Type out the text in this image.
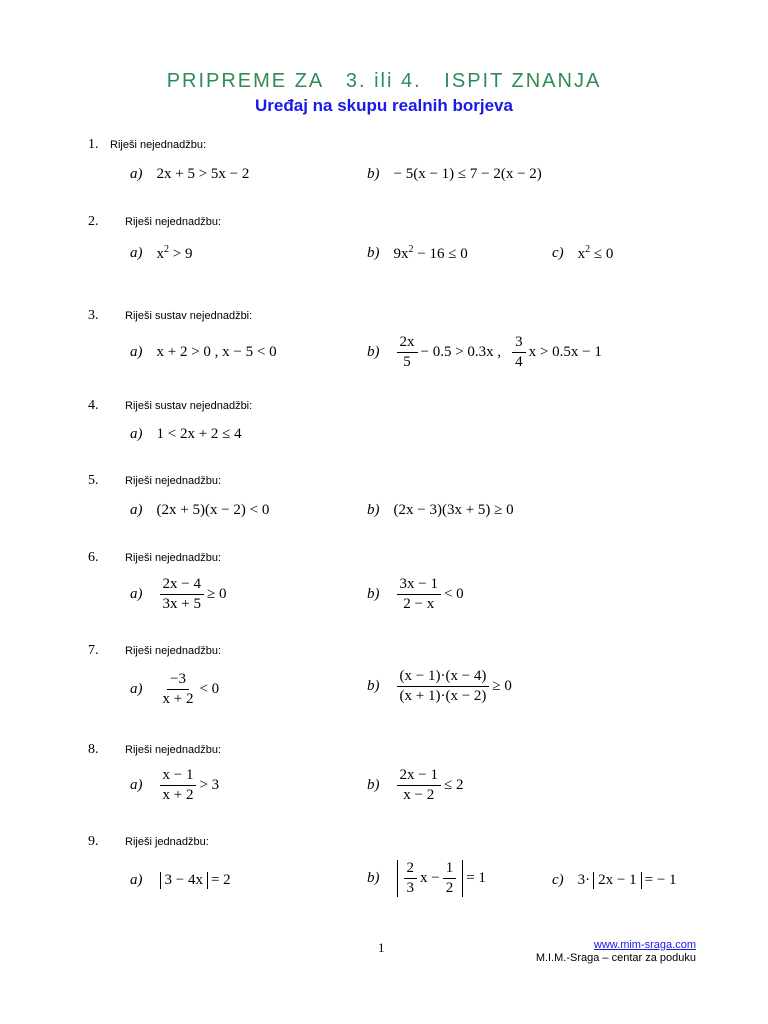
PRIPREME ZA   3. ili 4.   ISPIT ZNANJA
Uređaj na skupu realnih borjeva
1. Riješi nejednadžbu:
a) 2x + 5 > 5x − 2	b) − 5(x − 1) ≤ 7 − 2(x − 2)
2. Riješi nejednadžbu:
a) $x^2 > 9$	b) $9x^2 - 16 \le 0$	c) $x^2 \le 0$
3. Riješi sustav nejednadžbi:
a) x + 2 > 0 , x − 5 < 0	$b) \frac{2x}{5} - 0.5 > 0.3x$ , $\frac{3}{4}$ x > 0.5x − 1
4. Riješi sustav nejednadžbi:
a) 1 < 2x + 2 ≤ 4
5. Riješi nejednadžbu:
a) (2x + 5)(x − 2) < 0	b) (2x − 3)(3x + 5) ≥ 0
6. Riješi nejednadžbu:
$a) \frac{2x - 4}{3x + 5} \ge 0$	$b) \frac{3x - 1}{2 - x} < 0$
7. Riješi nejednadžbu:
$a) \frac{-3}{x + 2} < 0$	$b) \frac{(x - 1)\cdot(x - 4)}{(x + 1)\cdot(x - 2)} \ge 0$
8. Riješi nejednadžbu:
$a) \frac{x - 1}{x + 2} > 3$	$b) \frac{2x - 1}{x - 2} \le 2$
9. Riješi jednadžbu:
a)	3 − 4x = 2	$b) \frac{2}{3}$ $x - \frac{1}{2} = 1$	c) 3· 2x − 1 = − 1
1	www.mim-sraga.com
M.I.M.-Sraga – centar za poduku
